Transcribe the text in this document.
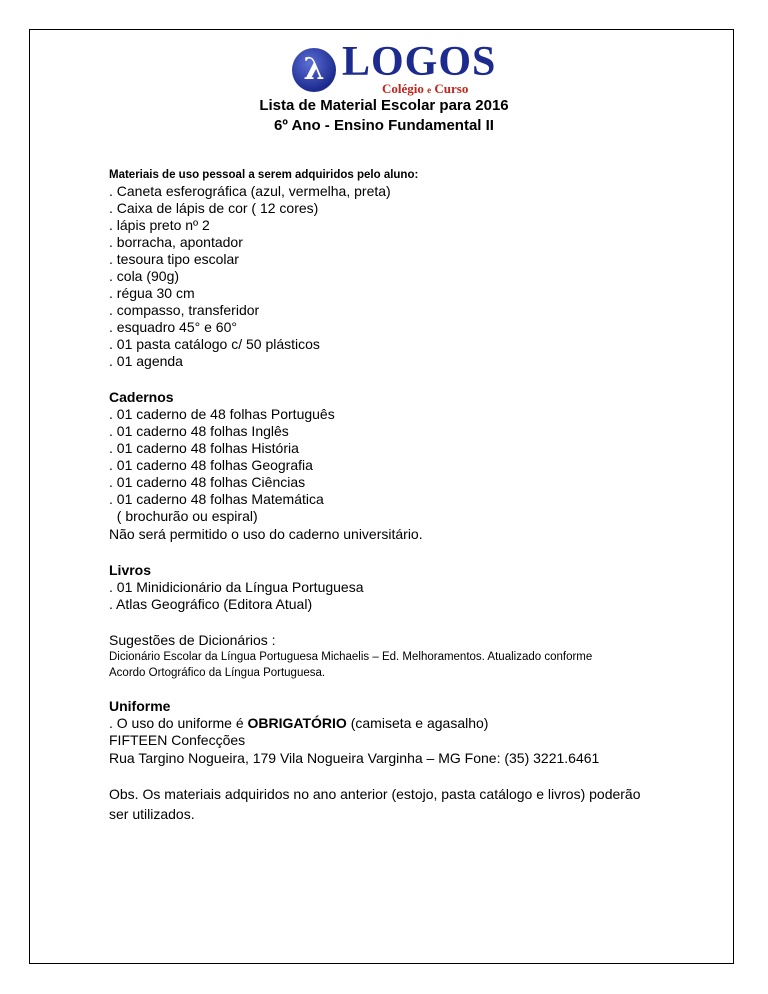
λ LOGOS
Colégio e Curso
Lista de Material Escolar para 2016
6º Ano - Ensino Fundamental II
Materiais de uso pessoal a serem adquiridos pelo aluno:
. Caneta esferográfica (azul, vermelha, preta)
. Caixa de lápis de cor ( 12 cores)
. lápis preto nº 2
. borracha, apontador
. tesoura tipo escolar
. cola (90g)
. régua 30 cm
. compasso, transferidor
. esquadro 45° e 60°
. 01 pasta catálogo c/ 50 plásticos
. 01 agenda
Cadernos
. 01 caderno de 48 folhas Português
. 01 caderno 48 folhas Inglês
. 01 caderno 48 folhas História
. 01 caderno 48 folhas Geografia
. 01 caderno 48 folhas Ciências
. 01 caderno 48 folhas Matemática
( brochurão ou espiral)
Não será permitido o uso do caderno universitário.
Livros
. 01 Minidicionário da Língua Portuguesa
. Atlas Geográfico (Editora Atual)
Sugestões de Dicionários :
Dicionário Escolar da Língua Portuguesa Michaelis – Ed. Melhoramentos. Atualizado conforme
Acordo Ortográfico da Língua Portuguesa.
Uniforme
. O uso do uniforme é OBRIGATÓRIO (camiseta e agasalho)
FIFTEEN Confecções
Rua Targino Nogueira, 179 Vila Nogueira Varginha – MG Fone: (35) 3221.6461
Obs. Os materiais adquiridos no ano anterior (estojo, pasta catálogo e livros) poderão
ser utilizados.
